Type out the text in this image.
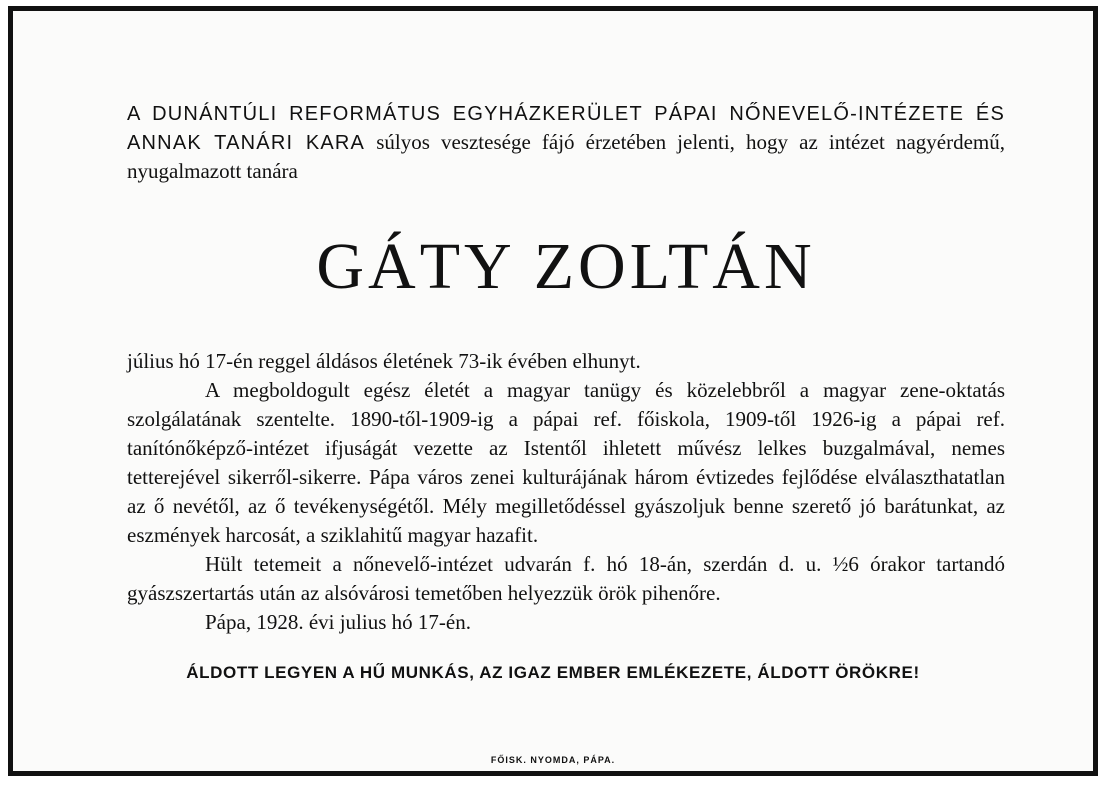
A DUNÁNTÚLI REFORMÁTUS EGYHÁZKERÜLET PÁPAI NŐNEVELŐ-INTÉZETE ÉS ANNAK TANÁRI KARA súlyos vesztesége fájó érzetében jelenti, hogy az intézet nagyérdemű, nyugalmazott tanára

GÁTY ZOLTÁN

július hó 17-én reggel áldásos életének 73-ik évében elhunyt.

A megboldogult egész életét a magyar tanügy és közelebbről a magyar zene-oktatás szolgálatának szentelte. 1890-től-1909-ig a pápai ref. főiskola, 1909-től 1926-ig a pápai ref. tanítónőképző-intézet ifjuságát vezette az Istentől ihletett művész lelkes buzgalmával, nemes tetterejével sikerről-sikerre. Pápa város zenei kulturájának három évtizedes fejlődése elválaszthatatlan az ő nevétől, az ő tevékenységétől. Mély megilletődéssel gyászoljuk benne szerető jó barátunkat, az eszmények harcosát, a sziklahitű magyar hazafit.

Hült tetemeit a nőnevelő-intézet udvarán f. hó 18-án, szerdán d. u. ½6 órakor tartandó gyászszertartás után az alsóvárosi temetőben helyezzük örök pihenőre.

Pápa, 1928. évi julius hó 17-én.

ÁLDOTT LEGYEN A HŰ MUNKÁS, AZ IGAZ EMBER EMLÉKEZETE, ÁLDOTT ÖRÖKRE!
FŐISK. NYOMDA, PÁPA.
